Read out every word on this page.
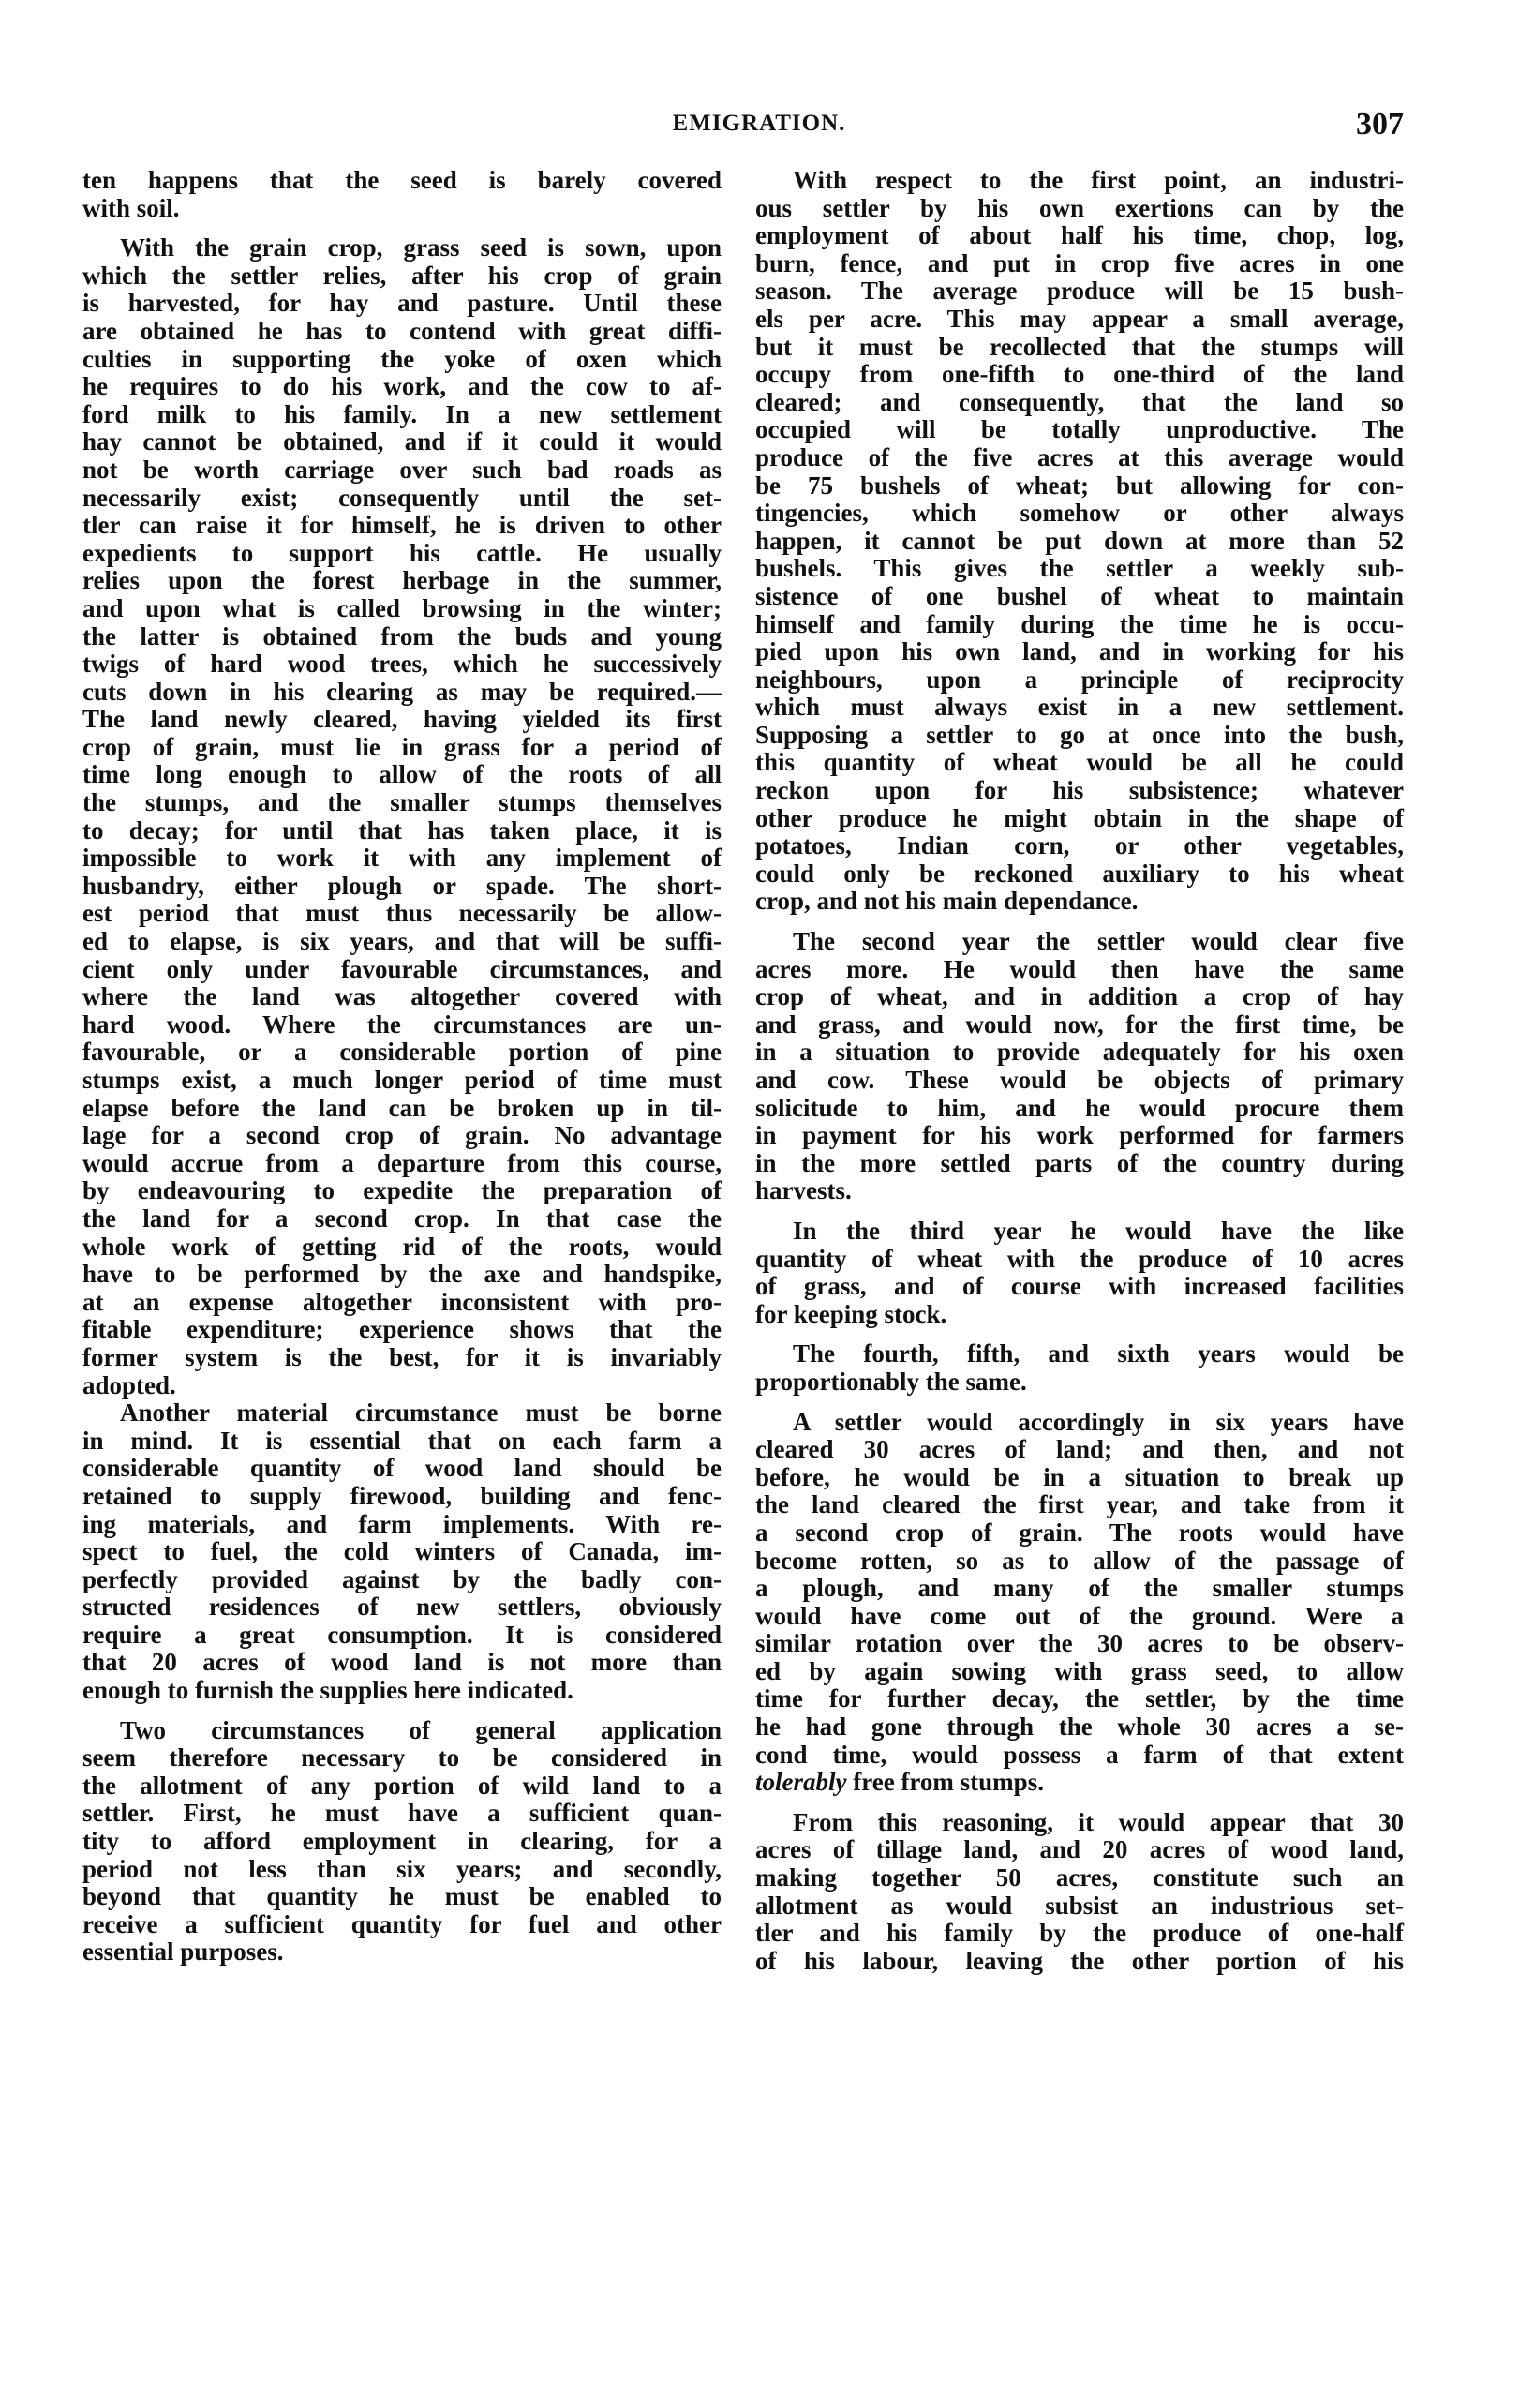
EMIGRATION.	307
ten happens that the seed is barely covered
with soil.
With the grain crop, grass seed is sown, upon
which the settler relies, after his crop of grain
is harvested, for hay and pasture. Until these
are obtained he has to contend with great diffi-
culties in supporting the yoke of oxen which
he requires to do his work, and the cow to af-
ford milk to his family. In a new settlement
hay cannot be obtained, and if it could it would
not be worth carriage over such bad roads as
necessarily exist; consequently until the set-
tler can raise it for himself, he is driven to other
expedients to support his cattle. He usually
relies upon the forest herbage in the summer,
and upon what is called browsing in the winter;
the latter is obtained from the buds and young
twigs of hard wood trees, which he successively
cuts down in his clearing as may be required.—
The land newly cleared, having yielded its first
crop of grain, must lie in grass for a period of
time long enough to allow of the roots of all
the stumps, and the smaller stumps themselves
to decay; for until that has taken place, it is
impossible to work it with any implement of
husbandry, either plough or spade. The short-
est period that must thus necessarily be allow-
ed to elapse, is six years, and that will be suffi-
cient only under favourable circumstances, and
where the land was altogether covered with
hard wood. Where the circumstances are un-
favourable, or a considerable portion of pine
stumps exist, a much longer period of time must
elapse before the land can be broken up in til-
lage for a second crop of grain. No advantage
would accrue from a departure from this course,
by endeavouring to expedite the preparation of
the land for a second crop. In that case the
whole work of getting rid of the roots, would
have to be performed by the axe and handspike,
at an expense altogether inconsistent with pro-
fitable expenditure; experience shows that the
former system is the best, for it is invariably
adopted.
Another material circumstance must be borne
in mind. It is essential that on each farm a
considerable quantity of wood land should be
retained to supply firewood, building and fenc-
ing materials, and farm implements. With re-
spect to fuel, the cold winters of Canada, im-
perfectly provided against by the badly con-
structed residences of new settlers, obviously
require a great consumption. It is considered
that 20 acres of wood land is not more than
enough to furnish the supplies here indicated.
Two circumstances of general application
seem therefore necessary to be considered in
the allotment of any portion of wild land to a
settler. First, he must have a sufficient quan-
tity to afford employment in clearing, for a
period not less than six years; and secondly,
beyond that quantity he must be enabled to
receive a sufficient quantity for fuel and other
essential purposes.
With respect to the first point, an industri-
ous settler by his own exertions can by the
employment of about half his time, chop, log,
burn, fence, and put in crop five acres in one
season. The average produce will be 15 bush-
els per acre. This may appear a small average,
but it must be recollected that the stumps will
occupy from one-fifth to one-third of the land
cleared; and consequently, that the land so
occupied will be totally unproductive. The
produce of the five acres at this average would
be 75 bushels of wheat; but allowing for con-
tingencies, which somehow or other always
happen, it cannot be put down at more than 52
bushels. This gives the settler a weekly sub-
sistence of one bushel of wheat to maintain
himself and family during the time he is occu-
pied upon his own land, and in working for his
neighbours, upon a principle of reciprocity
which must always exist in a new settlement.
Supposing a settler to go at once into the bush,
this quantity of wheat would be all he could
reckon upon for his subsistence; whatever
other produce he might obtain in the shape of
potatoes, Indian corn, or other vegetables,
could only be reckoned auxiliary to his wheat
crop, and not his main dependance.
The second year the settler would clear five
acres more. He would then have the same
crop of wheat, and in addition a crop of hay
and grass, and would now, for the first time, be
in a situation to provide adequately for his oxen
and cow. These would be objects of primary
solicitude to him, and he would procure them
in payment for his work performed for farmers
in the more settled parts of the country during
harvests.
In the third year he would have the like
quantity of wheat with the produce of 10 acres
of grass, and of course with increased facilities
for keeping stock.
The fourth, fifth, and sixth years would be
proportionably the same.
A settler would accordingly in six years have
cleared 30 acres of land; and then, and not
before, he would be in a situation to break up
the land cleared the first year, and take from it
a second crop of grain. The roots would have
become rotten, so as to allow of the passage of
a plough, and many of the smaller stumps
would have come out of the ground. Were a
similar rotation over the 30 acres to be observ-
ed by again sowing with grass seed, to allow
time for further decay, the settler, by the time
he had gone through the whole 30 acres a se-
cond time, would possess a farm of that extent
tolerably free from stumps.
From this reasoning, it would appear that 30
acres of tillage land, and 20 acres of wood land,
making together 50 acres, constitute such an
allotment as would subsist an industrious set-
tler and his family by the produce of one-half
of his labour, leaving the other portion of his
